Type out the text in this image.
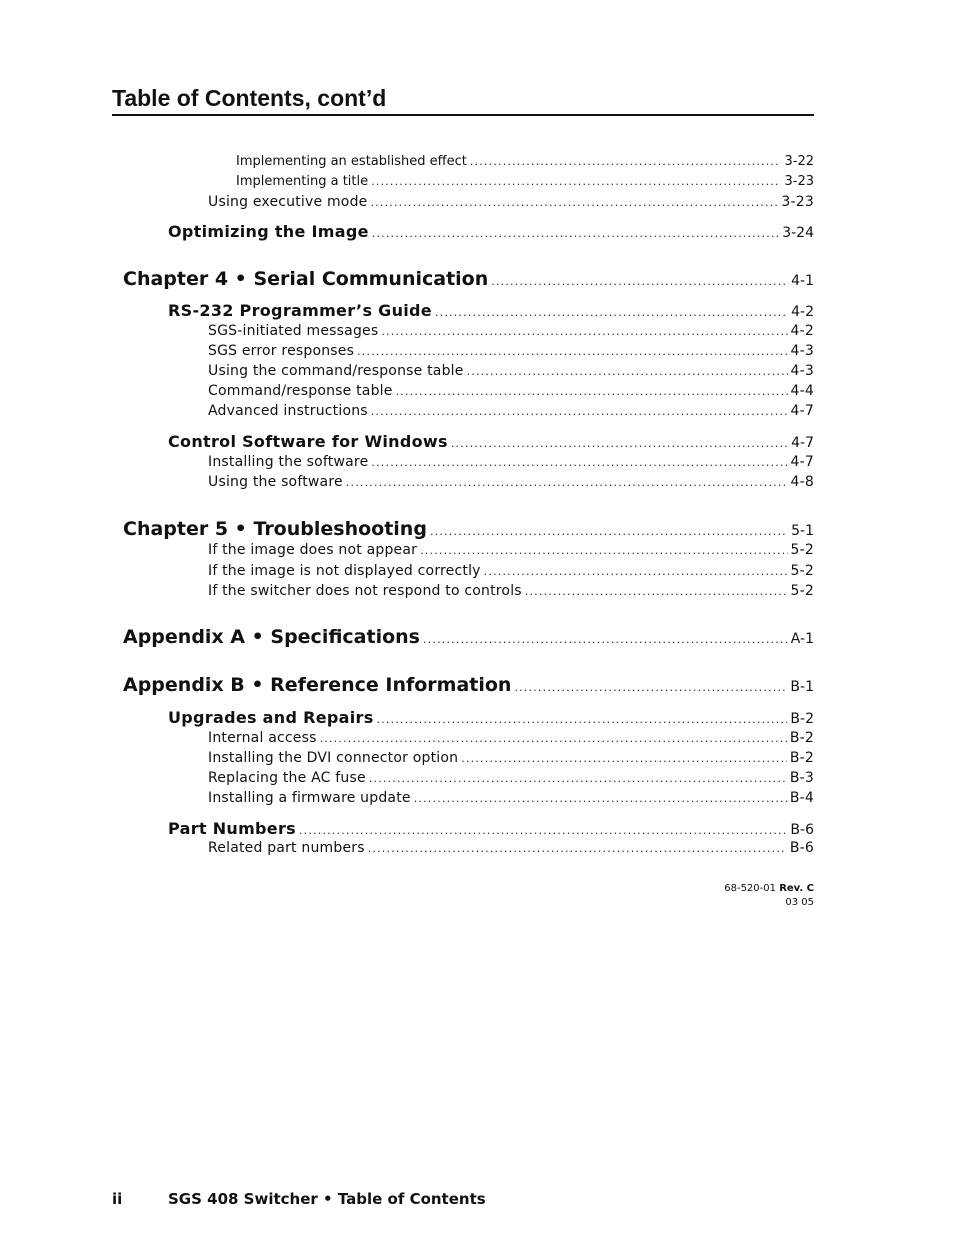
Table of Contents, cont’d
Implementing an established effect .....	3-22
Implementing a title .....	3-23
Using executive mode .....	3-23
Optimizing the Image .....	3-24
Chapter 4 • Serial Communication .....	4-1
RS-232 Programmer’s Guide .....	4-2
SGS-initiated messages .....	4-2
SGS error responses .....	4-3
Using the command/response table .....	4-3
Command/response table .....	4-4
Advanced instructions .....	4-7
Control Software for Windows .....	4-7
Installing the software .....	4-7
Using the software .....	4-8
Chapter 5 • Troubleshooting .....	5-1
If the image does not appear .....	5-2
If the image is not displayed correctly .....	5-2
If the switcher does not respond to controls .....	5-2
Appendix A • Specifications .....	A-1
Appendix B • Reference Information .....	B-1
Upgrades and Repairs .....	B-2
Internal access .....	B-2
Installing the DVI connector option .....	B-2
Replacing the AC fuse .....	B-3
Installing a firmware update .....	B-4
Part Numbers .....	B-6
Related part numbers .....	B-6
68-520-01 Rev. C
03 05
ii	SGS 408 Switcher • Table of Contents
